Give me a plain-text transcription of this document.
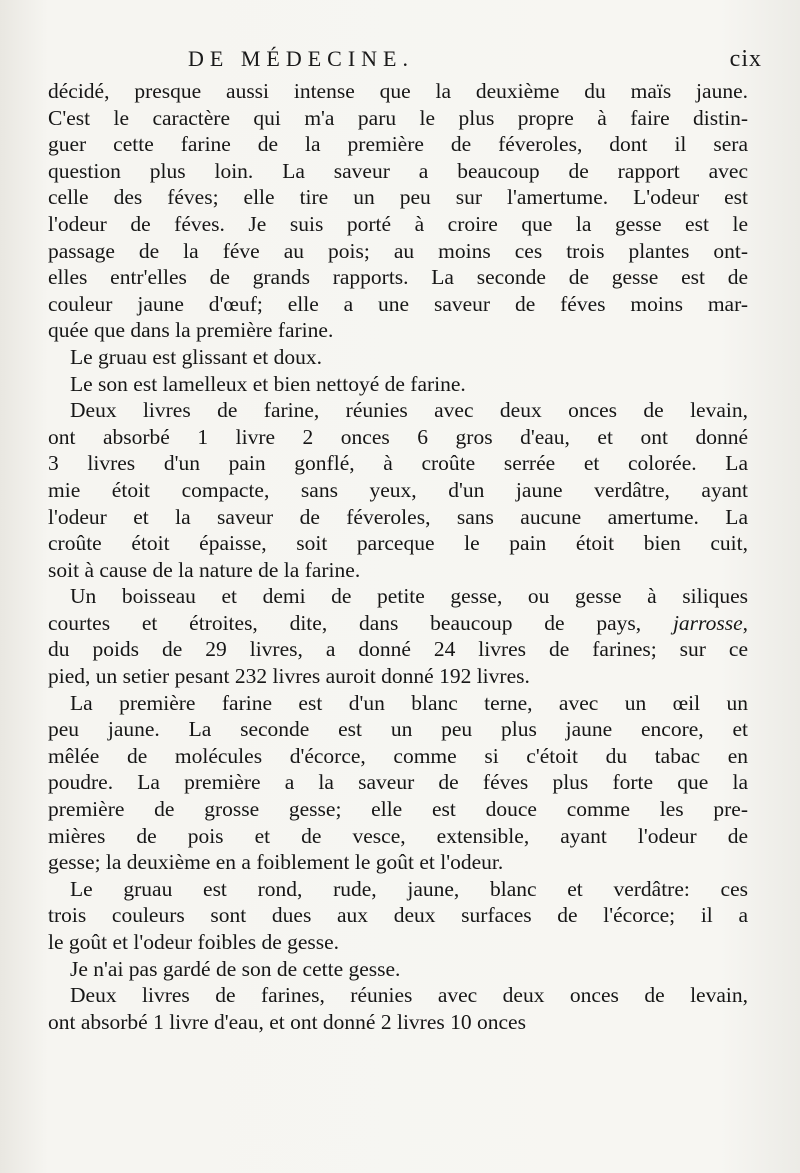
DE MÉDECINE.	cix

décidé, presque aussi intense que la deuxième du maïs jaune.
C'est le caractère qui m'a paru le plus propre à faire distin-
guer cette farine de la première de féveroles, dont il sera
question plus loin. La saveur a beaucoup de rapport avec
celle des féves; elle tire un peu sur l'amertume. L'odeur est
l'odeur de féves. Je suis porté à croire que la gesse est le
passage de la féve au pois; au moins ces trois plantes ont-
elles entr'elles de grands rapports. La seconde de gesse est de
couleur jaune d'œuf; elle a une saveur de féves moins mar-
quée que dans la première farine.

Le gruau est glissant et doux.

Le son est lamelleux et bien nettoyé de farine.

Deux livres de farine, réunies avec deux onces de levain,
ont absorbé 1 livre 2 onces 6 gros d'eau, et ont donné
3 livres d'un pain gonflé, à croûte serrée et colorée. La
mie étoit compacte, sans yeux, d'un jaune verdâtre, ayant
l'odeur et la saveur de féveroles, sans aucune amertume. La
croûte étoit épaisse, soit parceque le pain étoit bien cuit,
soit à cause de la nature de la farine.

Un boisseau et demi de petite gesse, ou gesse à siliques
courtes et étroites, dite, dans beaucoup de pays, jarrosse,
du poids de 29 livres, a donné 24 livres de farines; sur ce
pied, un setier pesant 232 livres auroit donné 192 livres.

La première farine est d'un blanc terne, avec un œil un
peu jaune. La seconde est un peu plus jaune encore, et
mêlée de molécules d'écorce, comme si c'étoit du tabac en
poudre. La première a la saveur de féves plus forte que la
première de grosse gesse; elle est douce comme les pre-
mières de pois et de vesce, extensible, ayant l'odeur de
gesse; la deuxième en a foiblement le goût et l'odeur.

Le gruau est rond, rude, jaune, blanc et verdâtre: ces
trois couleurs sont dues aux deux surfaces de l'écorce; il a
le goût et l'odeur foibles de gesse.

Je n'ai pas gardé de son de cette gesse.

Deux livres de farines, réunies avec deux onces de levain,
ont absorbé 1 livre d'eau, et ont donné 2 livres 10 onces
